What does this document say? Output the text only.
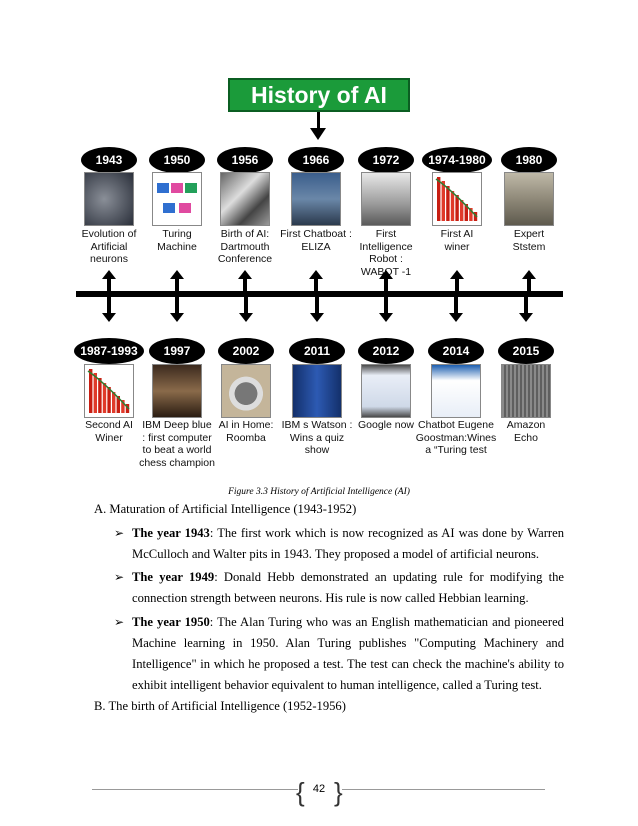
History of AI
1943
Evolution of
Artificial
neurons
1950
Turing
Machine
1956
Birth of AI:
Dartmouth
Conference
1966
First Chatboat :
ELIZA
1972
First
Intelligence
Robot :
WABOT -1
1974-1980
First AI
winer
1980
Expert
Ststem
1987-1993
Second AI
Winer
1997
IBM Deep blue
: first computer
to beat a world
chess champion
2002
AI in Home:
Roomba
2011
IBM s Watson :
Wins a quiz
show
2012
Google now
2014
Chatbot Eugene
Goostman:Wines
a “Turing test
2015
Amazon
Echo
Figure 3.3 History of Artificial Intelligence (AI)
A. Maturation of Artificial Intelligence (1943-1952)
➢ The year 1943: The first work which is now recognized as AI was done by Warren
McCulloch and Walter pits in 1943. They proposed a model of artificial neurons.
➢ The year 1949: Donald Hebb demonstrated an updating rule for modifying the
connection strength between neurons. His rule is now called Hebbian learning.
➢ The year 1950: The Alan Turing who was an English mathematician and pioneered
Machine learning in 1950. Alan Turing publishes "Computing Machinery and
Intelligence" in which he proposed a test. The test can check the machine's ability to
exhibit intelligent behavior equivalent to human intelligence, called a Turing test.
B. The birth of Artificial Intelligence (1952-1956)
{ }
42
